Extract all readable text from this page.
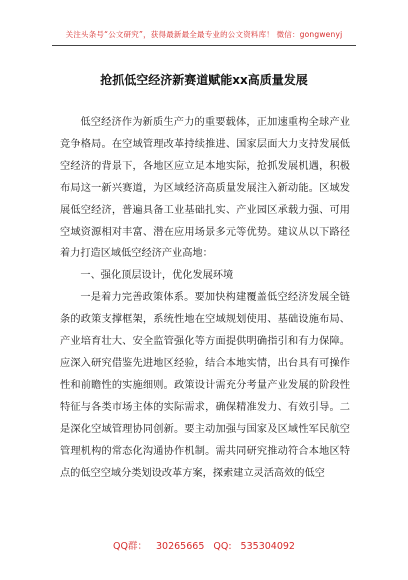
关注头条号“公文研究”，获得最新最全最专业的公文资料库！ 微信：gongwenyj
抢抓低空经济新赛道赋能xx高质量发展

低空经济作为新质生产力的重要载体，正加速重构全球产业竞争格局。在空域管理改革持续推进、国家层面大力支持发展低空经济的背景下，各地区应立足本地实际，抢抓发展机遇，积极布局这一新兴赛道，为区域经济高质量发展注入新动能。区域发展低空经济，普遍具备工业基础扎实、产业园区承载力强、可用空域资源相对丰富、潜在应用场景多元等优势。建议从以下路径着力打造区域低空经济产业高地：

一、强化顶层设计，优化发展环境

一是着力完善政策体系。要加快构建覆盖低空经济发展全链条的政策支撑框架，系统性地在空域规划使用、基础设施布局、产业培育壮大、安全监管强化等方面提供明确指引和有力保障。应深入研究借鉴先进地区经验，结合本地实情，出台具有可操作性和前瞻性的实施细则。政策设计需充分考量产业发展的阶段性特征与各类市场主体的实际需求，确保精准发力、有效引导。二是深化空域管理协同创新。要主动加强与国家及区域性军民航空管理机构的常态化沟通协作机制。需共同研究推动符合本地区特点的低空空域分类划设改革方案，探索建立灵活高效的低空

QQ群： 30265665 QQ: 535304092
